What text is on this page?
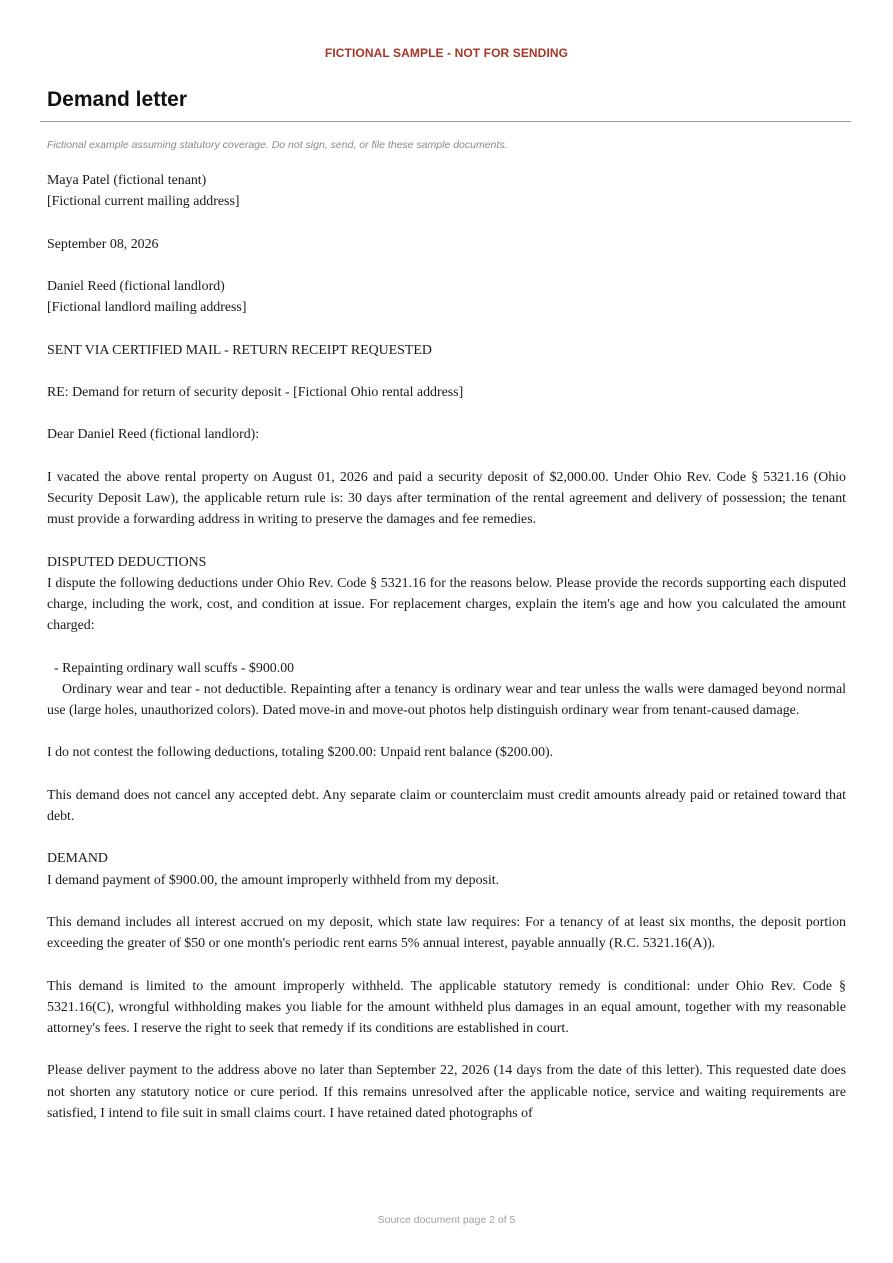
FICTIONAL SAMPLE - NOT FOR SENDING
Demand letter
Fictional example assuming statutory coverage. Do not sign, send, or file these sample documents.

Maya Patel (fictional tenant)
[Fictional current mailing address]

September 08, 2026

Daniel Reed (fictional landlord)
[Fictional landlord mailing address]

SENT VIA CERTIFIED MAIL - RETURN RECEIPT REQUESTED

RE: Demand for return of security deposit - [Fictional Ohio rental address]

Dear Daniel Reed (fictional landlord):

I vacated the above rental property on August 01, 2026 and paid a security deposit of $2,000.00. Under Ohio Rev. Code § 5321.16 (Ohio Security Deposit Law), the applicable return rule is: 30 days after termination of the rental agreement and delivery of possession; the tenant must provide a forwarding address in writing to preserve the damages and fee remedies.

DISPUTED DEDUCTIONS
I dispute the following deductions under Ohio Rev. Code § 5321.16 for the reasons below. Please provide the records supporting each disputed charge, including the work, cost, and condition at issue. For replacement charges, explain the item's age and how you calculated the amount charged:

- Repainting ordinary wall scuffs - $900.00
Ordinary wear and tear - not deductible. Repainting after a tenancy is ordinary wear and tear unless the walls were damaged beyond normal use (large holes, unauthorized colors). Dated move-in and move-out photos help distinguish ordinary wear from tenant-caused damage.

I do not contest the following deductions, totaling $200.00: Unpaid rent balance ($200.00).

This demand does not cancel any accepted debt. Any separate claim or counterclaim must credit amounts already paid or retained toward that debt.

DEMAND
I demand payment of $900.00, the amount improperly withheld from my deposit.

This demand includes all interest accrued on my deposit, which state law requires: For a tenancy of at least six months, the deposit portion exceeding the greater of $50 or one month's periodic rent earns 5% annual interest, payable annually (R.C. 5321.16(A)).

This demand is limited to the amount improperly withheld. The applicable statutory remedy is conditional: under Ohio Rev. Code § 5321.16(C), wrongful withholding makes you liable for the amount withheld plus damages in an equal amount, together with my reasonable attorney's fees. I reserve the right to seek that remedy if its conditions are established in court.

Please deliver payment to the address above no later than September 22, 2026 (14 days from the date of this letter). This requested date does not shorten any statutory notice or cure period. If this remains unresolved after the applicable notice, service and waiting requirements are satisfied, I intend to file suit in small claims court. I have retained dated photographs of

Source document page 2 of 5
